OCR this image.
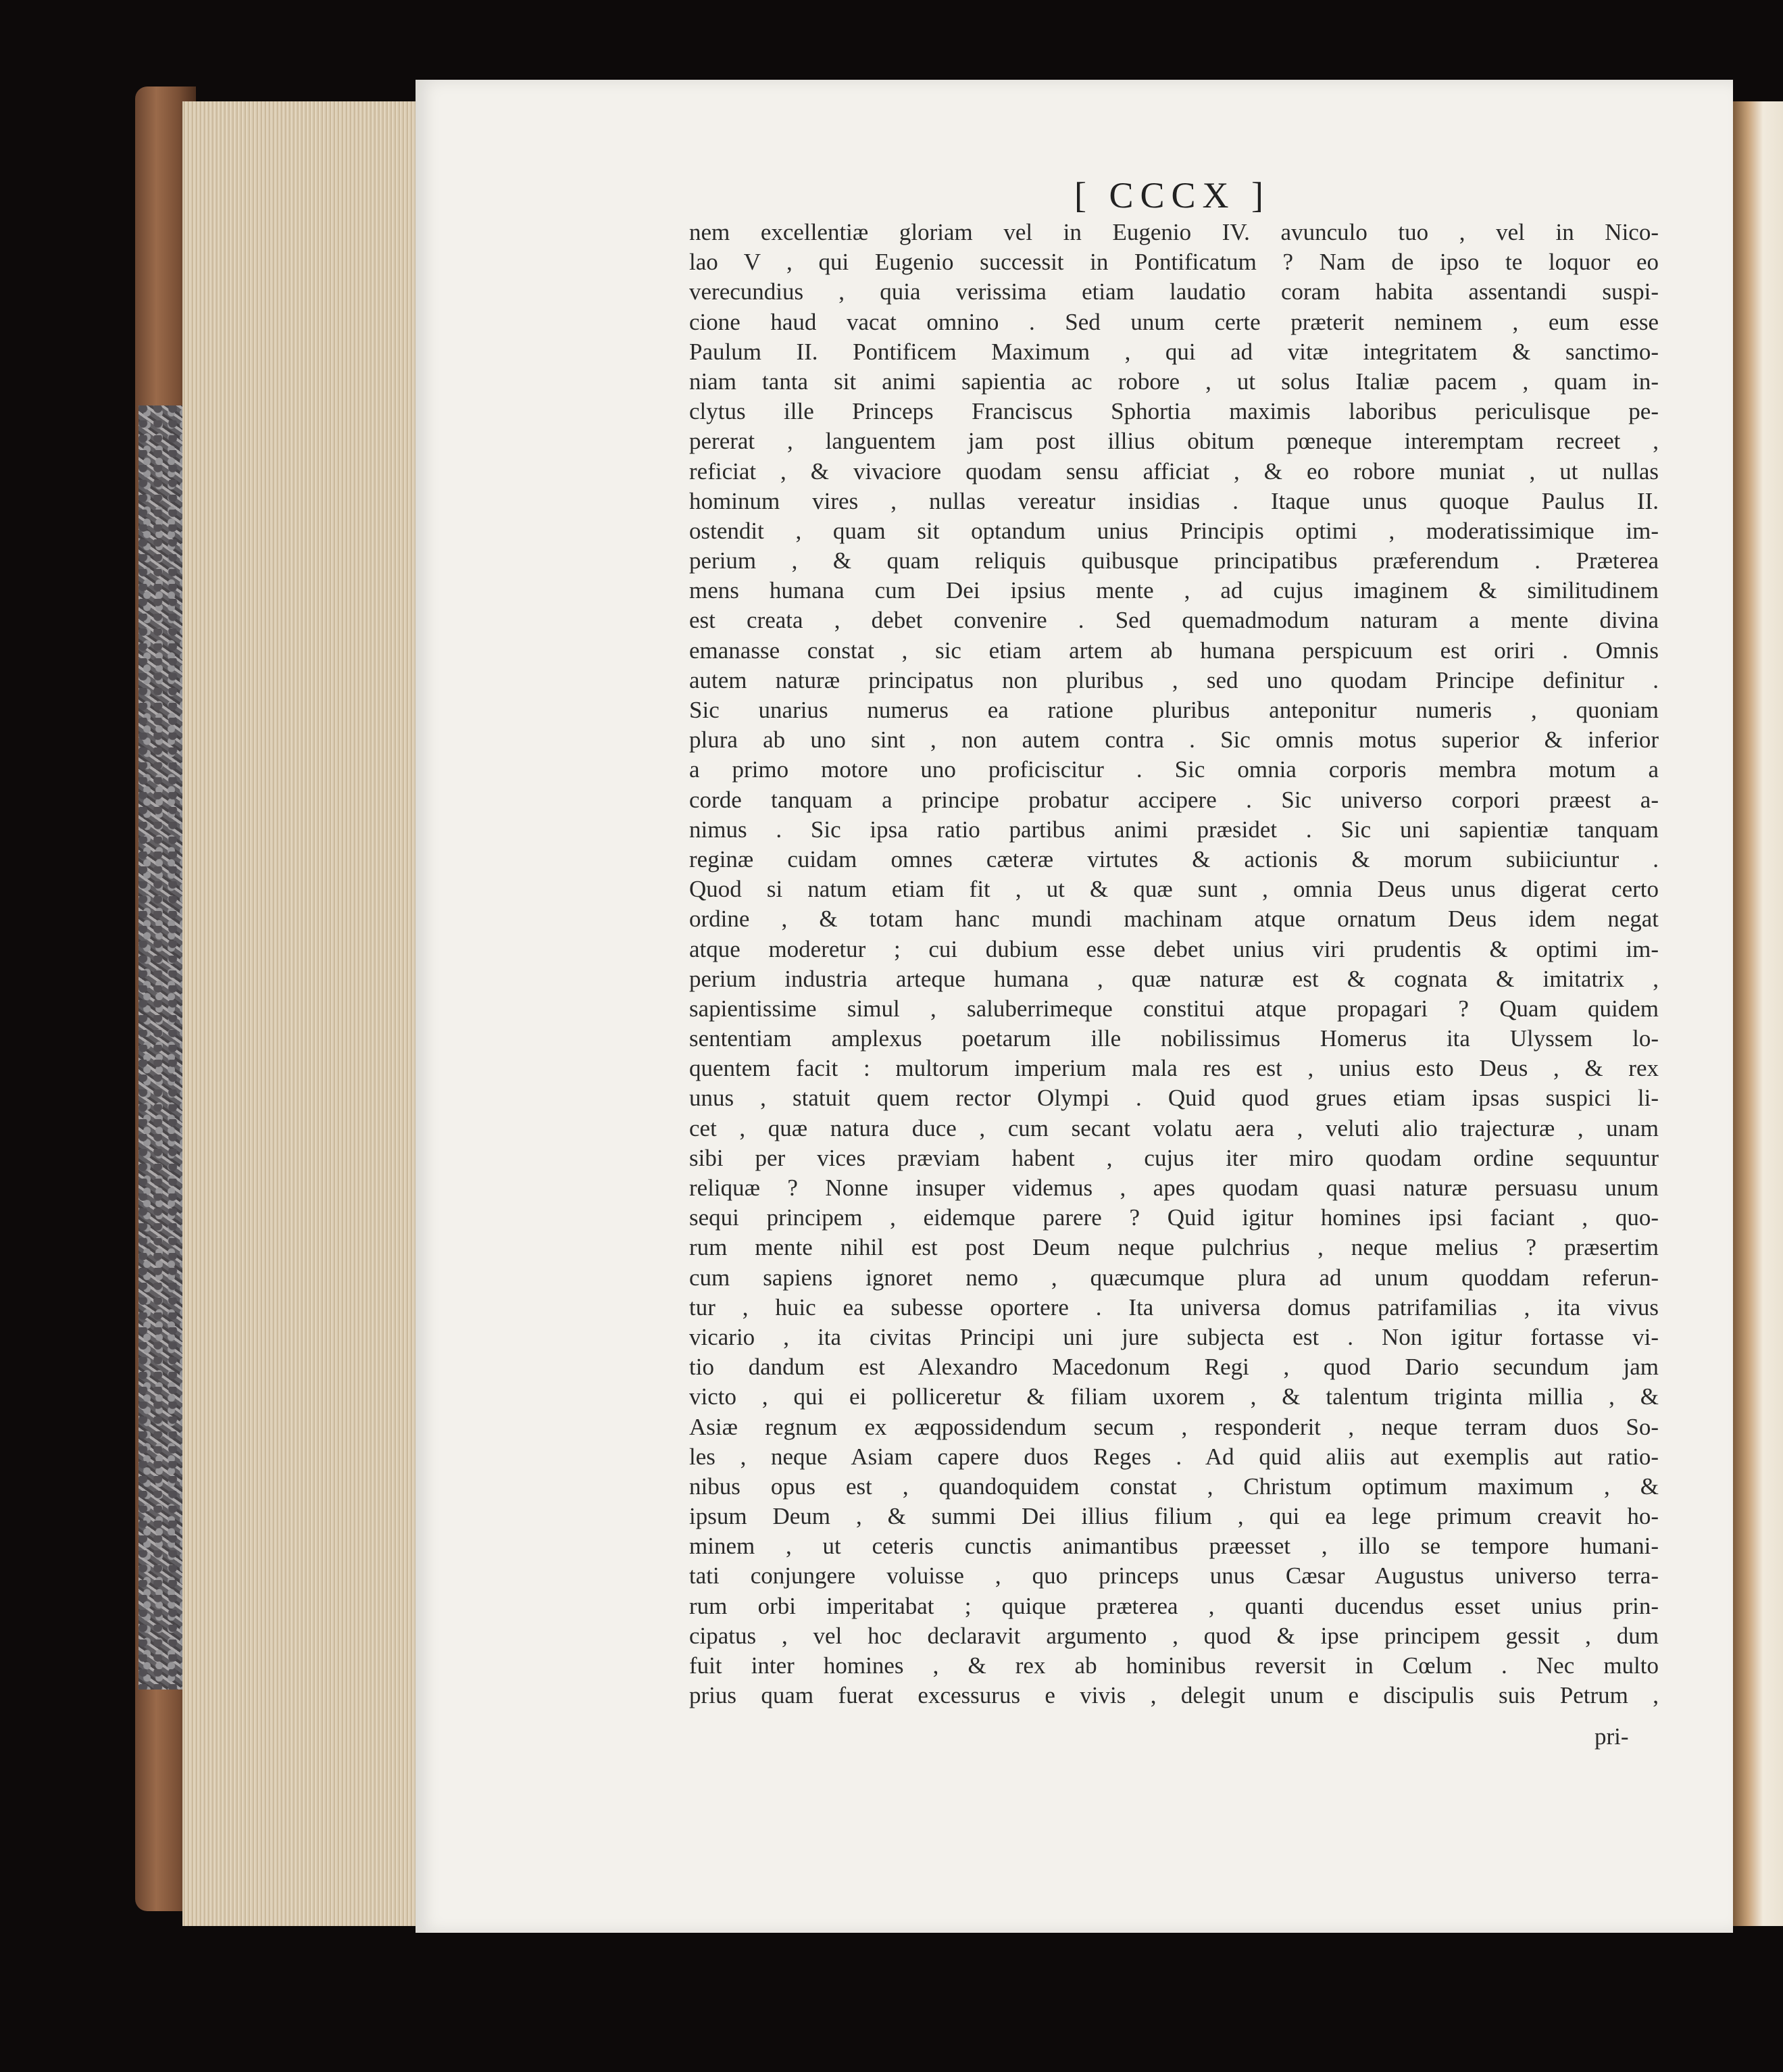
[ CCCX ]
nem excellentiæ gloriam vel in Eugenio IV. avunculo tuo , vel in Nico-
lao V , qui Eugenio successit in Pontificatum ? Nam de ipso te loquor eo
verecundius , quia verissima etiam laudatio coram habita assentandi suspi-
cione haud vacat omnino . Sed unum certe præterit neminem , eum esse
Paulum II. Pontificem Maximum , qui ad vitæ integritatem & sanctimo-
niam tanta sit animi sapientia ac robore , ut solus Italiæ pacem , quam in-
clytus ille Princeps Franciscus Sphortia maximis laboribus periculisque pe-
pererat , languentem jam post illius obitum pœneque interemptam recreet ,
reficiat , & vivaciore quodam sensu afficiat , & eo robore muniat , ut nullas
hominum vires , nullas vereatur insidias . Itaque unus quoque Paulus II.
ostendit , quam sit optandum unius Principis optimi , moderatissimique im-
perium , & quam reliquis quibusque principatibus præferendum . Præterea
mens humana cum Dei ipsius mente , ad cujus imaginem & similitudinem
est creata , debet convenire . Sed quemadmodum naturam a mente divina
emanasse constat , sic etiam artem ab humana perspicuum est oriri . Omnis
autem naturæ principatus non pluribus , sed uno quodam Principe definitur .
Sic unarius numerus ea ratione pluribus anteponitur numeris , quoniam
plura ab uno sint , non autem contra . Sic omnis motus superior & inferior
a primo motore uno proficiscitur . Sic omnia corporis membra motum a
corde tanquam a principe probatur accipere . Sic universo corpori præest a-
nimus . Sic ipsa ratio partibus animi præsidet . Sic uni sapientiæ tanquam
reginæ cuidam omnes cæteræ virtutes & actionis & morum subiiciuntur .
Quod si natum etiam fit , ut & quæ sunt , omnia Deus unus digerat certo
ordine , & totam hanc mundi machinam atque ornatum Deus idem negat
atque moderetur ; cui dubium esse debet unius viri prudentis & optimi im-
perium industria arteque humana , quæ naturæ est & cognata & imitatrix ,
sapientissime simul , saluberrimeque constitui atque propagari ? Quam quidem
sententiam amplexus poetarum ille nobilissimus Homerus ita Ulyssem lo-
quentem facit : multorum imperium mala res est , unius esto Deus , & rex
unus , statuit quem rector Olympi . Quid quod grues etiam ipsas suspici li-
cet , quæ natura duce , cum secant volatu aera , veluti alio trajecturæ , unam
sibi per vices præviam habent , cujus iter miro quodam ordine sequuntur
reliquæ ? Nonne insuper videmus , apes quodam quasi naturæ persuasu unum
sequi principem , eidemque parere ? Quid igitur homines ipsi faciant , quo-
rum mente nihil est post Deum neque pulchrius , neque melius ? præsertim
cum sapiens ignoret nemo , quæcumque plura ad unum quoddam referun-
tur , huic ea subesse oportere . Ita universa domus patrifamilias , ita vivus
vicario , ita civitas Principi uni jure subjecta est . Non igitur fortasse vi-
tio dandum est Alexandro Macedonum Regi , quod Dario secundum jam
victo , qui ei polliceretur & filiam uxorem , & talentum triginta millia , &
Asiæ regnum ex æqpossidendum secum , responderit , neque terram duos So-
les , neque Asiam capere duos Reges . Ad quid aliis aut exemplis aut ratio-
nibus opus est , quandoquidem constat , Christum optimum maximum , &
ipsum Deum , & summi Dei illius filium , qui ea lege primum creavit ho-
minem , ut ceteris cunctis animantibus præesset , illo se tempore humani-
tati conjungere voluisse , quo princeps unus Cæsar Augustus universo terra-
rum orbi imperitabat ; quique præterea , quanti ducendus esset unius prin-
cipatus , vel hoc declaravit argumento , quod & ipse principem gessit , dum
fuit inter homines , & rex ab hominibus reversit in Cœlum . Nec multo
prius quam fuerat excessurus e vivis , delegit unum e discipulis suis Petrum ,
pri-
